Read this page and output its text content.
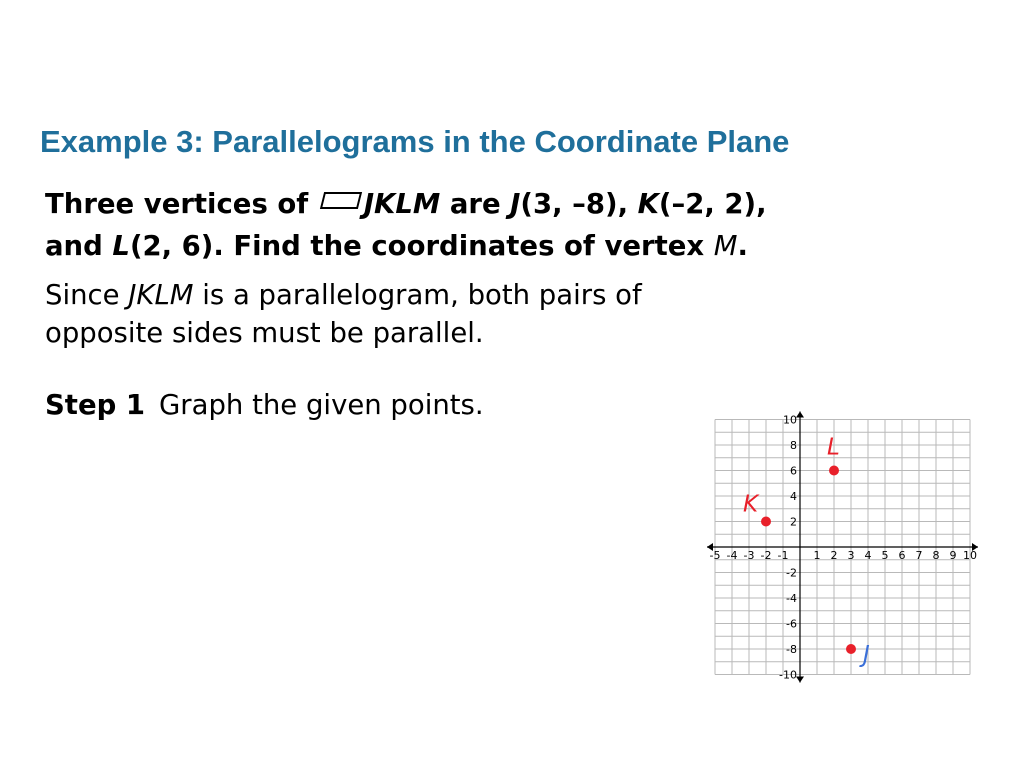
Example 3: Parallelograms in the Coordinate Plane
Three vertices of JKLM are J(3, –8), K(–2, 2),
and L(2, 6). Find the coordinates of vertex M.
Since JKLM is a parallelogram, both pairs of
opposite sides must be parallel.
Step 1 Graph the given points.
-5 -4 -3 -2 -1 1 2 3 4 5 6 7 8 9 10
10
8
6
4
2
-2
-4
-6
-8
-10
L
K
J
